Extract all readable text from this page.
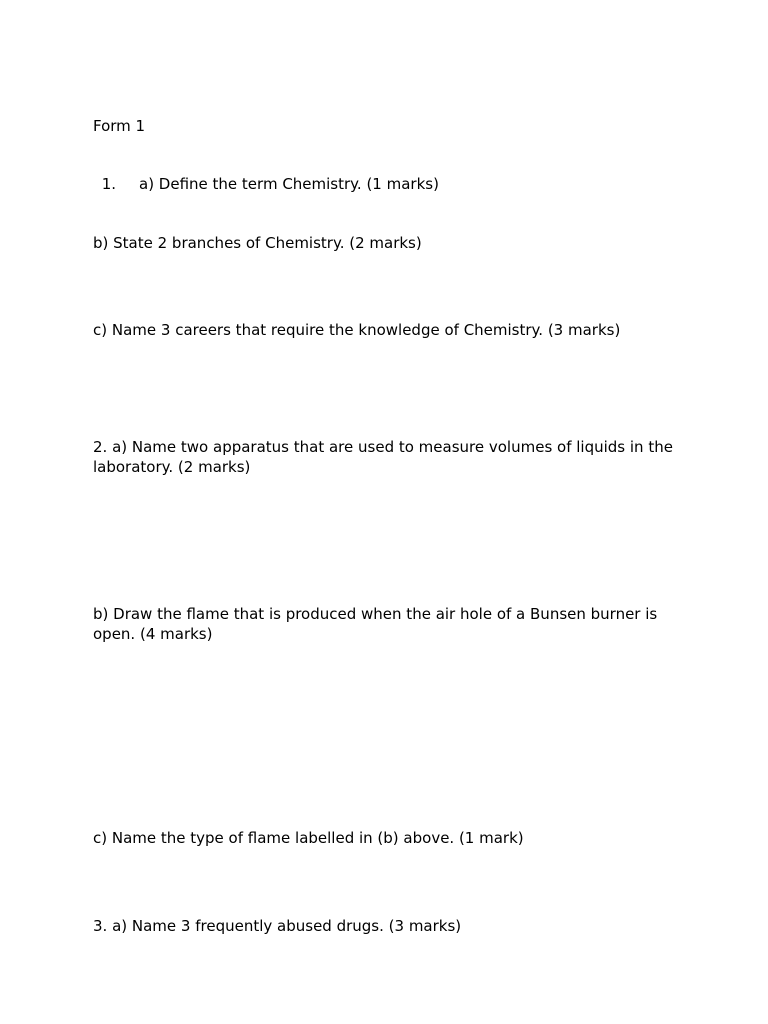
Form 1

1. a) Define the term Chemistry. (1 marks)

b) State 2 branches of Chemistry. (2 marks)

c) Name 3 careers that require the knowledge of Chemistry. (3 marks)

2. a) Name two apparatus that are used to measure volumes of liquids in the laboratory. (2 marks)

b) Draw the flame that is produced when the air hole of a Bunsen burner is open. (4 marks)

c) Name the type of flame labelled in (b) above. (1 mark)

3. a) Name 3 frequently abused drugs. (3 marks)
